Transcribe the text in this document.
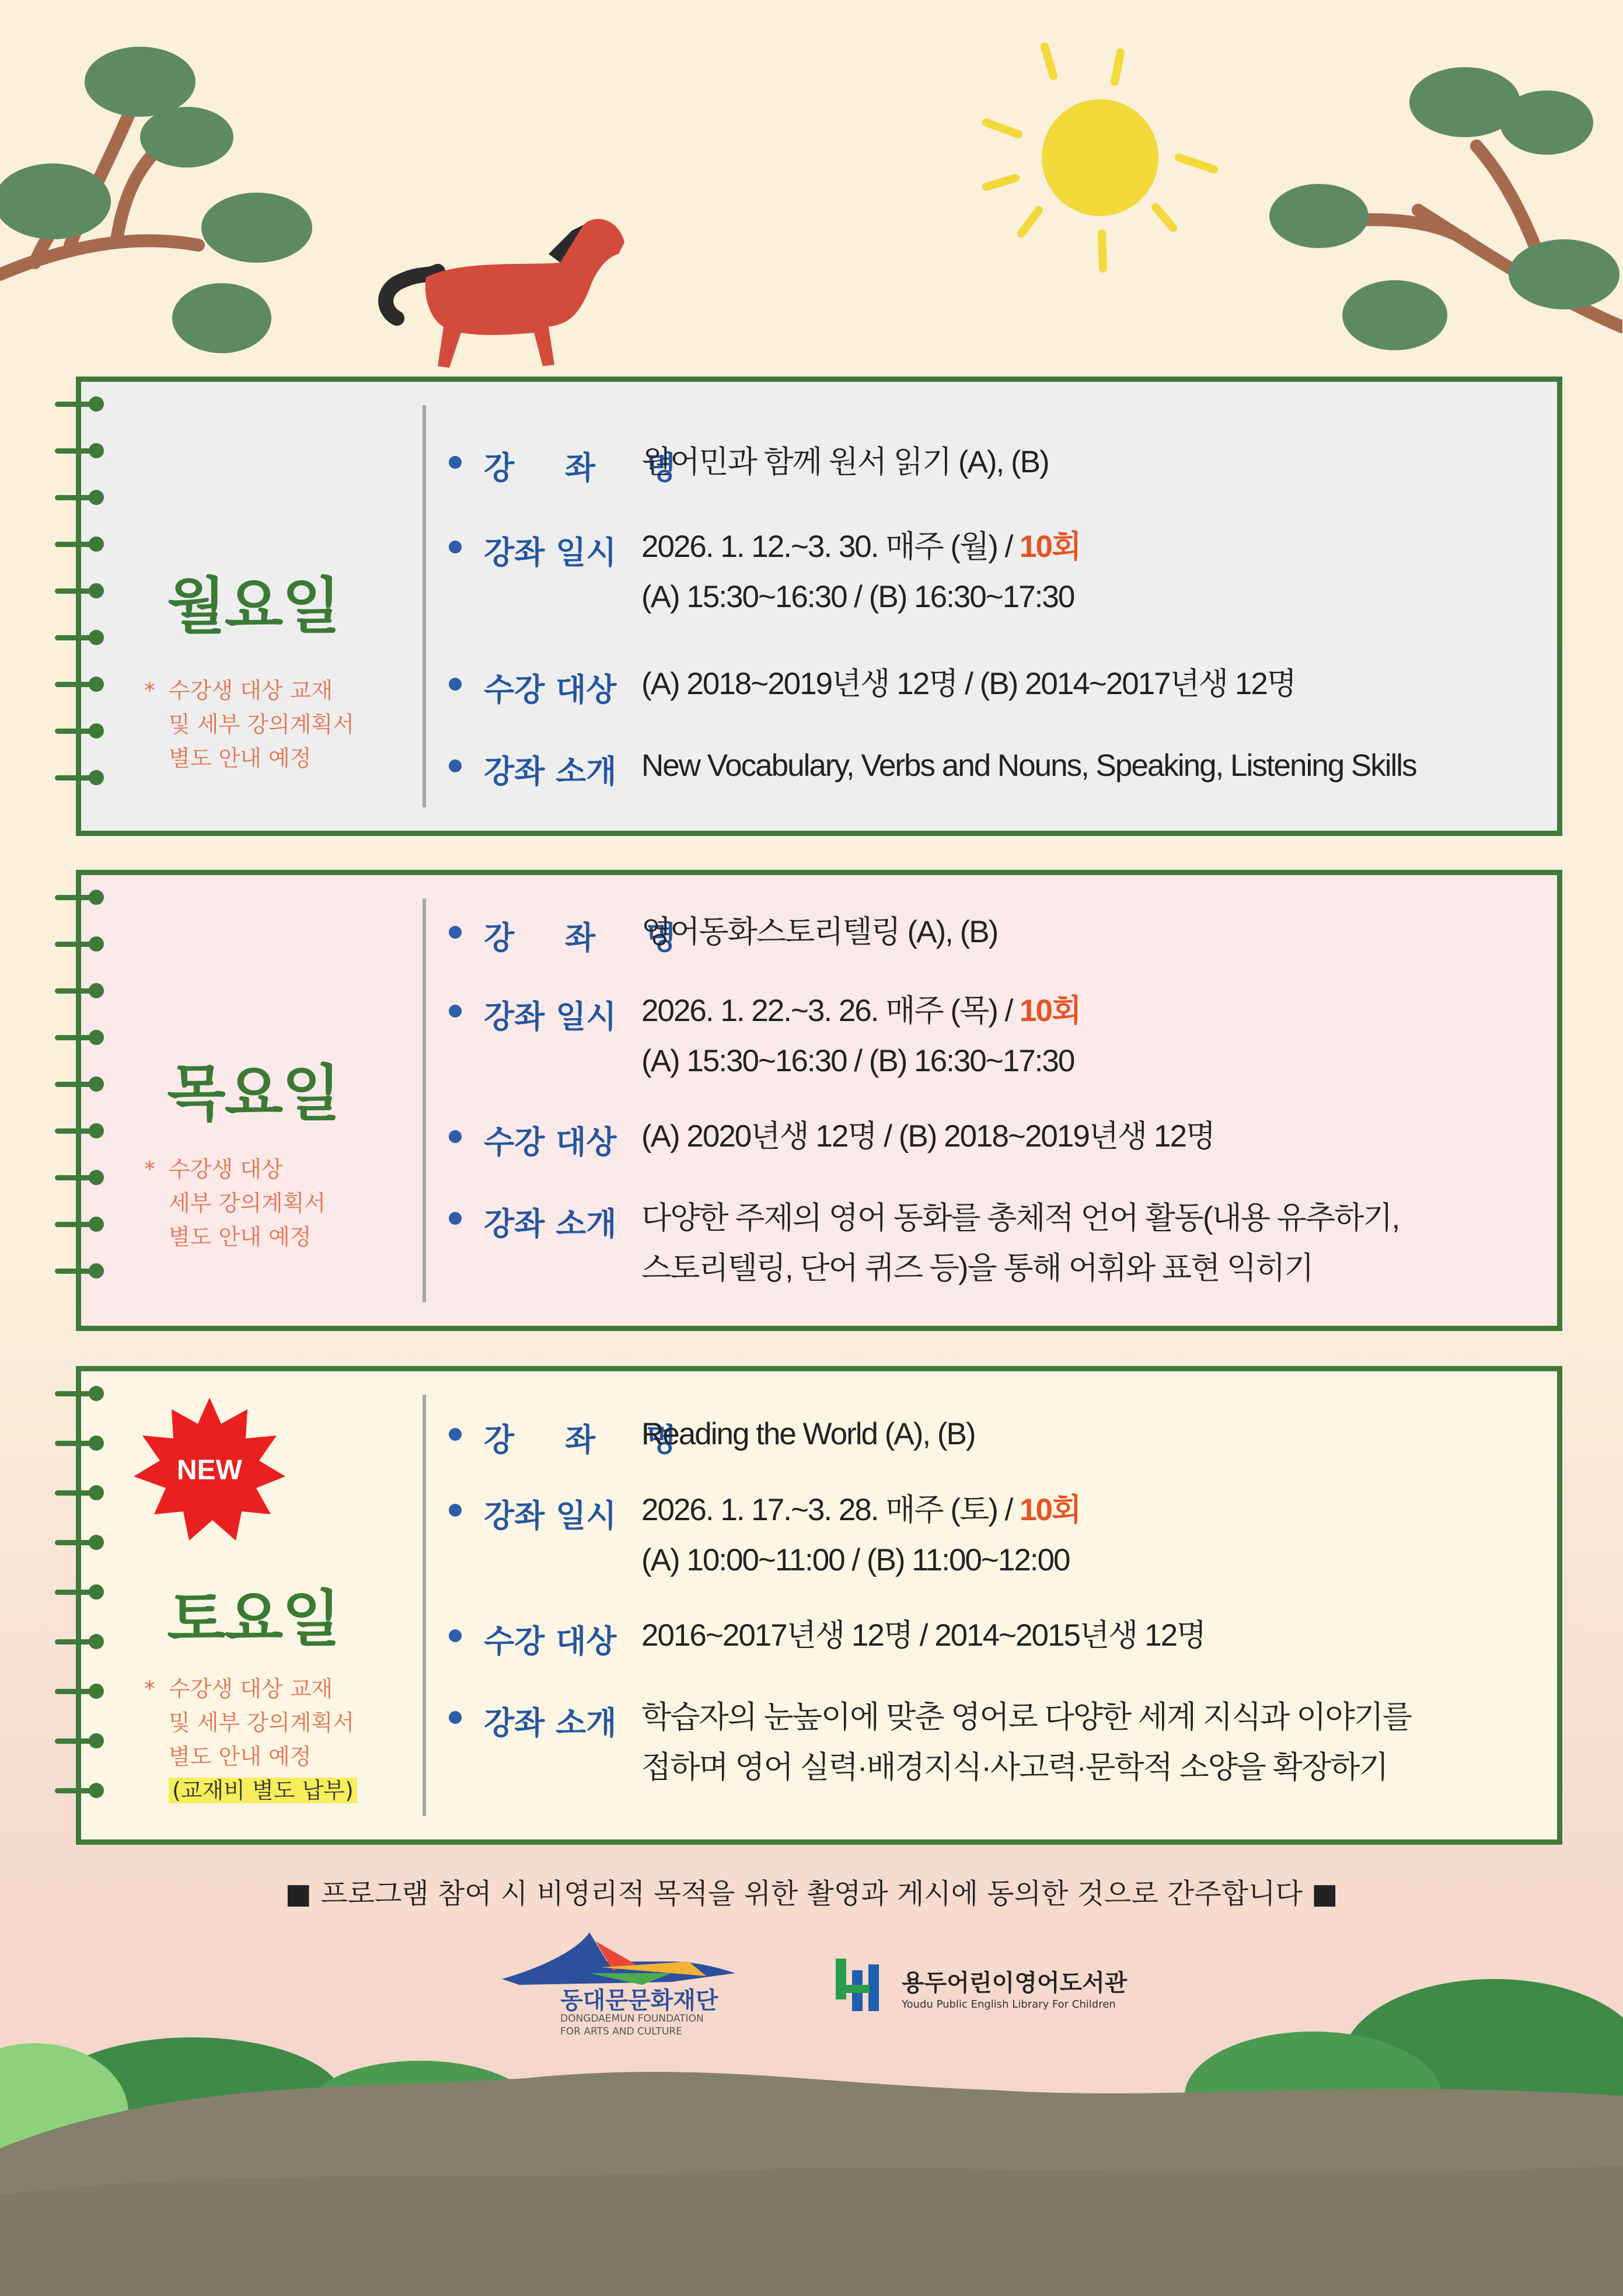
월요일
* 수강생 대상 교재
및 세부 강의계획서
별도 안내 예정
강 좌 명
원어민과 함께 원서 읽기 (A), (B)
강좌 일시 2026. 1. 12.~3. 30. 매주 (월) / 10회
(A) 15:30~16:30 / (B) 16:30~17:30
수강 대상 (A) 2018~2019년생 12명 / (B) 2014~2017년생 12명
강좌 소개 New Vocabulary, Verbs and Nouns, Speaking, Listening Skills
목요일
* 수강생 대상
세부 강의계획서
별도 안내 예정
강 좌 명
영어동화스토리텔링 (A), (B)
강좌 일시 2026. 1. 22.~3. 26. 매주 (목) / 10회
(A) 15:30~16:30 / (B) 16:30~17:30
수강 대상 (A) 2020년생 12명 / (B) 2018~2019년생 12명
강좌 소개 다양한 주제의 영어 동화를 총체적 언어 활동(내용 유추하기,
스토리텔링, 단어 퀴즈 등)을 통해 어휘와 표현 익히기
NEW
토요일
* 수강생 대상 교재
및 세부 강의계획서
별도 안내 예정
(교재비 별도 납부)
강 좌 명
Reading the World (A), (B)
강좌 일시 2026. 1. 17.~3. 28. 매주 (토) / 10회
(A) 10:00~11:00 / (B) 11:00~12:00
수강 대상 2016~2017년생 12명 / 2014~2015년생 12명
강좌 소개 학습자의 눈높이에 맞춘 영어로 다양한 세계 지식과 이야기를
접하며 영어 실력·배경지식·사고력·문학적 소양을 확장하기
■ 프로그램 참여 시 비영리적 목적을 위한 촬영과 게시에 동의한 것으로 간주합니다 ■
동대문문화재단
DONGDAEMUN FOUNDATION
FOR ARTS AND CULTURE
용두어린이영어도서관
Youdu Public English Library For Children
